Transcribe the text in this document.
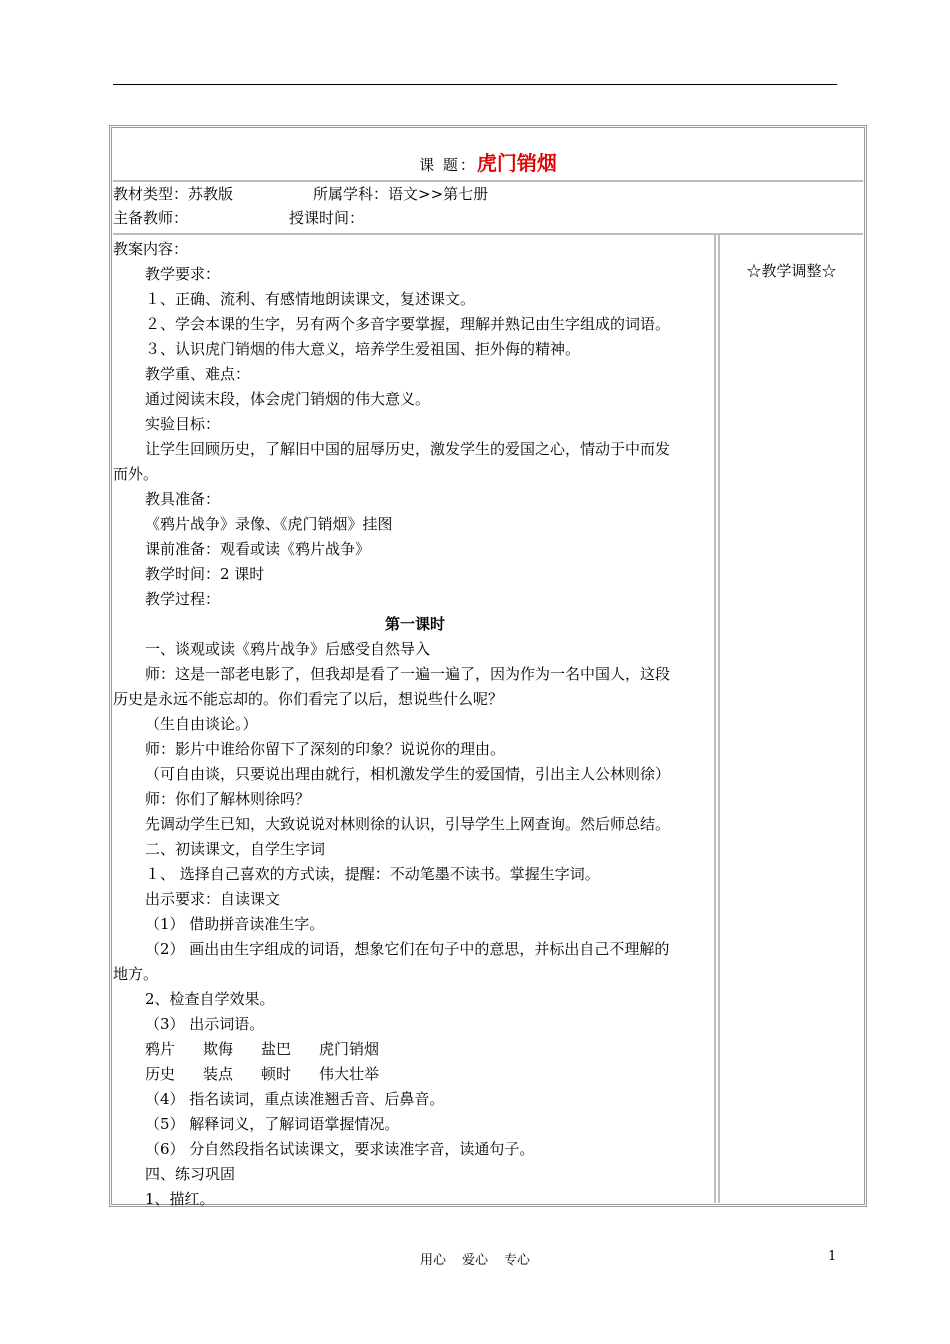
课 题：虎门销烟
教材类型：苏教版	所属学科：语文>>第七册
主备教师：	授课时间：
☆教学调整☆
教案内容：
教学要求：
１、正确、流利、有感情地朗读课文，复述课文。
２、学会本课的生字，另有两个多音字要掌握，理解并熟记由生字组成的词语。
３、认识虎门销烟的伟大意义，培养学生爱祖国、拒外侮的精神。
教学重、难点：
通过阅读末段，体会虎门销烟的伟大意义。
实验目标：
让学生回顾历史，了解旧中国的屈辱历史，激发学生的爱国之心，情动于中而发
而外。
教具准备：
《鸦片战争》录像、《虎门销烟》挂图
课前准备：观看或读《鸦片战争》
教学时间：2 课时
教学过程：
第一课时
一、谈观或读《鸦片战争》后感受自然导入
师：这是一部老电影了，但我却是看了一遍一遍了，因为作为一名中国人，这段
历史是永远不能忘却的。你们看完了以后，想说些什么呢？
（生自由谈论。）
师：影片中谁给你留下了深刻的印象？说说你的理由。
（可自由谈，只要说出理由就行，相机激发学生的爱国情，引出主人公林则徐）
师：你们了解林则徐吗？
先调动学生已知，大致说说对林则徐的认识，引导学生上网查询。然后师总结。
二、初读课文，自学生字词
１、 选择自己喜欢的方式读，提醒：不动笔墨不读书。掌握生字词。
出示要求：自读课文
（1） 借助拼音读准生字。
（2） 画出由生字组成的词语，想象它们在句子中的意思，并标出自己不理解的
地方。
2、检查自学效果。
（3） 出示词语。
鸦片 欺侮 盐巴 虎门销烟
历史 装点 顿时 伟大壮举
（4） 指名读词，重点读准翘舌音、后鼻音。
（5） 解释词义，了解词语掌握情况。
（6） 分自然段指名试读课文，要求读准字音，读通句子。
四、练习巩固
1、描红。
用心 爱心 专心	1
